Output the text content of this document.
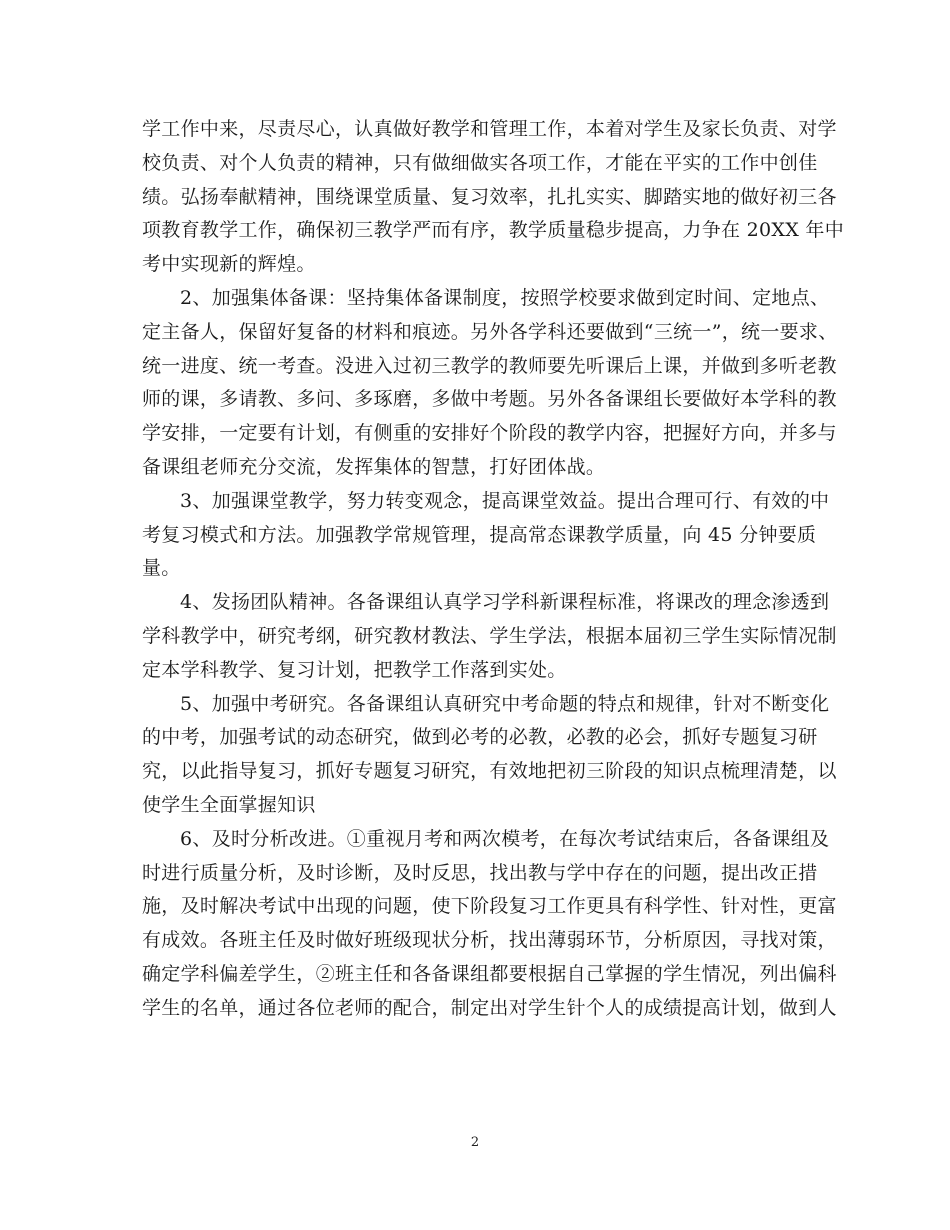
学工作中来，尽责尽心，认真做好教学和管理工作，本着对学生及家长负责、对学
校负责、对个人负责的精神，只有做细做实各项工作，才能在平实的工作中创佳
绩。弘扬奉献精神，围绕课堂质量、复习效率，扎扎实实、脚踏实地的做好初三各
项教育教学工作，确保初三教学严而有序，教学质量稳步提高，力争在 20XX 年中
考中实现新的辉煌。
2、加强集体备课：坚持集体备课制度，按照学校要求做到定时间、定地点、
定主备人，保留好复备的材料和痕迹。另外各学科还要做到“三统一”，统一要求、
统一进度、统一考查。没进入过初三教学的教师要先听课后上课，并做到多听老教
师的课，多请教、多问、多琢磨，多做中考题。另外各备课组长要做好本学科的教
学安排，一定要有计划，有侧重的安排好个阶段的教学内容，把握好方向，并多与
备课组老师充分交流，发挥集体的智慧，打好团体战。
3、加强课堂教学，努力转变观念，提高课堂效益。提出合理可行、有效的中
考复习模式和方法。加强教学常规管理，提高常态课教学质量，向 45 分钟要质
量。
4、发扬团队精神。各备课组认真学习学科新课程标准，将课改的理念渗透到
学科教学中，研究考纲，研究教材教法、学生学法，根据本届初三学生实际情况制
定本学科教学、复习计划，把教学工作落到实处。
5、加强中考研究。各备课组认真研究中考命题的特点和规律，针对不断变化
的中考，加强考试的动态研究，做到必考的必教，必教的必会，抓好专题复习研
究，以此指导复习，抓好专题复习研究，有效地把初三阶段的知识点梳理清楚，以
使学生全面掌握知识
6、及时分析改进。①重视月考和两次模考，在每次考试结束后，各备课组及
时进行质量分析，及时诊断，及时反思，找出教与学中存在的问题，提出改正措
施，及时解决考试中出现的问题，使下阶段复习工作更具有科学性、针对性，更富
有成效。各班主任及时做好班级现状分析，找出薄弱环节，分析原因，寻找对策，
确定学科偏差学生，②班主任和各备课组都要根据自己掌握的学生情况，列出偏科
学生的名单，通过各位老师的配合，制定出对学生针个人的成绩提高计划，做到人
2
